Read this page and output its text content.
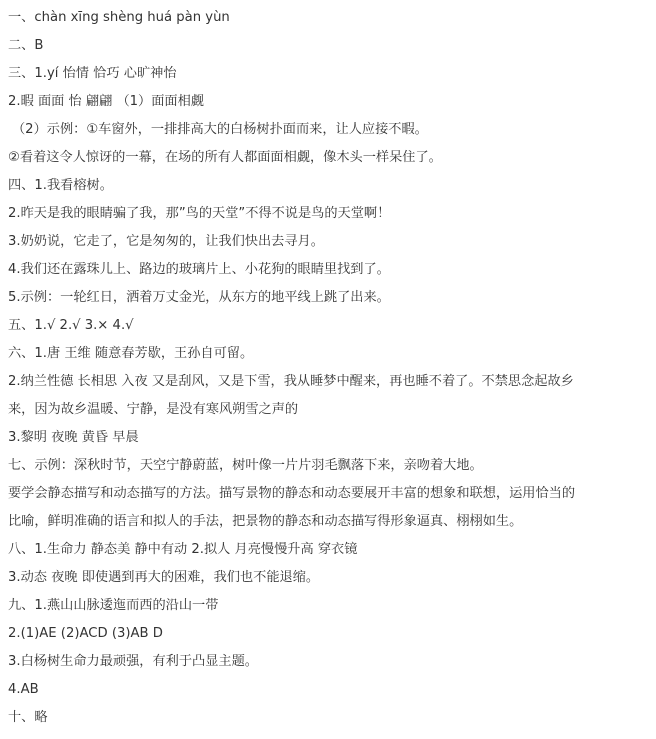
一、chàn xīng shèng huá pàn yùn
二、B
三、1.yí 怡情 恰巧 心旷神怡
2.暇 面面 怡 翩翩 （1）面面相觑
（2）示例：①车窗外，一排排高大的白杨树扑面而来，让人应接不暇。
②看着这令人惊讶的一幕，在场的所有人都面面相觑，像木头一样呆住了。
四、1.我看榕树。
2.昨天是我的眼睛骗了我，那”鸟的天堂”不得不说是鸟的天堂啊！
3.奶奶说，它走了，它是匆匆的，让我们快出去寻月。
4.我们还在露珠儿上、路边的玻璃片上、小花狗的眼睛里找到了。
5.示例：一轮红日，洒着万丈金光，从东方的地平线上跳了出来。
五、1.√ 2.√ 3.× 4.√
六、1.唐 王维 随意春芳歇，王孙自可留。
2.纳兰性德 长相思 入夜 又是刮风，又是下雪，我从睡梦中醒来，再也睡不着了。不禁思念起故乡
来，因为故乡温暖、宁静，是没有寒风朔雪之声的
3.黎明 夜晚 黄昏 早晨
七、示例：深秋时节，天空宁静蔚蓝，树叶像一片片羽毛飘落下来，亲吻着大地。
要学会静态描写和动态描写的方法。描写景物的静态和动态要展开丰富的想象和联想，运用恰当的
比喻，鲜明准确的语言和拟人的手法，把景物的静态和动态描写得形象逼真、栩栩如生。
八、1.生命力 静态美 静中有动 2.拟人 月亮慢慢升高 穿衣镜
3.动态 夜晚 即使遇到再大的困难，我们也不能退缩。
九、1.燕山山脉逶迤而西的沿山一带
2.(1)AE (2)ACD (3)AB D
3.白杨树生命力最顽强，有利于凸显主题。
4.AB
十、略
